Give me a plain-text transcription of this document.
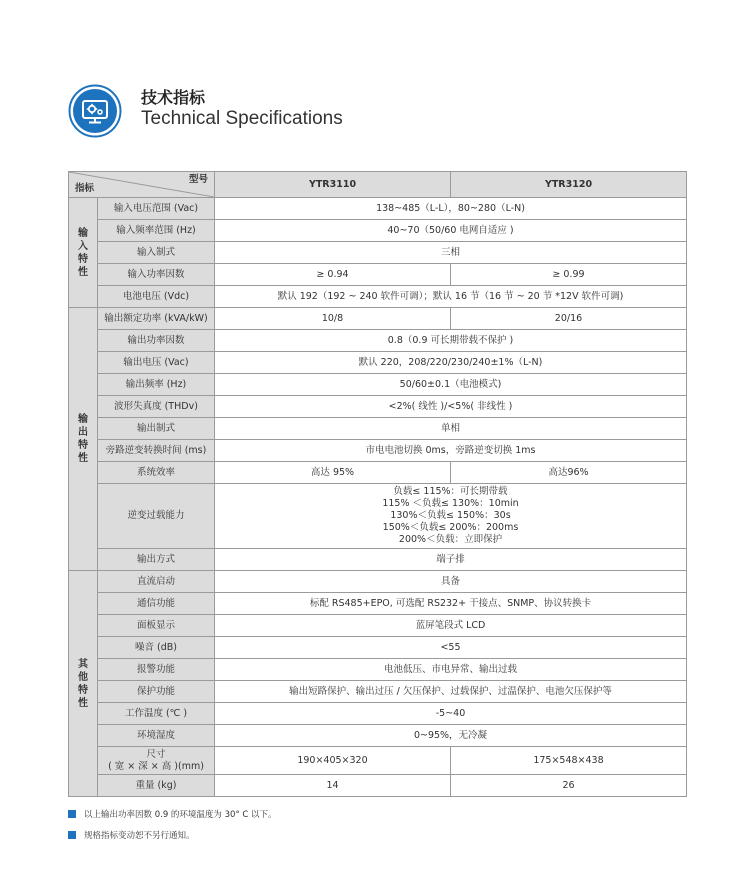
技术指标
Technical Specifications
型号
指标		YTR3110	YTR3120
输入特性	输入电压范围 (Vac)	138~485（L-L），80~280（L-N)	
	输入频率范围 (Hz)	40~70（50/60 电网自适应 )	
	输入制式	三相	
	输入功率因数	≥ 0.94	≥ 0.99
	电池电压 (Vdc)	默认 192（192 ~ 240 软件可调）；默认 16 节（16 节 ~ 20 节 *12V 软件可调)	
输出特性	输出额定功率 (kVA/kW)	10/8	20/16
	输出功率因数	0.8（0.9 可长期带载不保护 )	
	输出电压 (Vac)	默认 220，208/220/230/240±1%（L-N)	
	输出频率 (Hz)	50/60±0.1（电池模式)	
	波形失真度 (THDv)	<2%( 线性 )/<5%( 非线性 )	
	输出制式	单相	
	旁路逆变转换时间 (ms)	市电电池切换 0ms，旁路逆变切换 1ms	
	系统效率	高达 95%	高达96%
	逆变过载能力	负载≤ 115%：可长期带载
115% ＜负载≤ 130%：10min
130%＜负载≤ 150%：30s
150%＜负载≤ 200%：200ms
200%＜负载：立即保护	

	输出方式	端子排	
其他特性	直流启动	具备	
	通信功能	标配 RS485+EPO, 可选配 RS232+ 干接点、SNMP、协议转换卡	
	面板显示	蓝屏笔段式 LCD	
	噪音 (dB)	<55	
	报警功能	电池低压、市电异常、输出过载	
	保护功能	输出短路保护、输出过压 / 欠压保护、过载保护、过温保护、电池欠压保护等	
	工作温度 (℃ )	-5~40	
	环境湿度	0~95%，无冷凝	

	尺寸
( 宽 × 深 × 高 )(mm)	190×405×320	175×548×438
	重量 (kg)	14	26
以上输出功率因数 0.9 的环境温度为 30° C 以下。
规格指标变动恕不另行通知。
